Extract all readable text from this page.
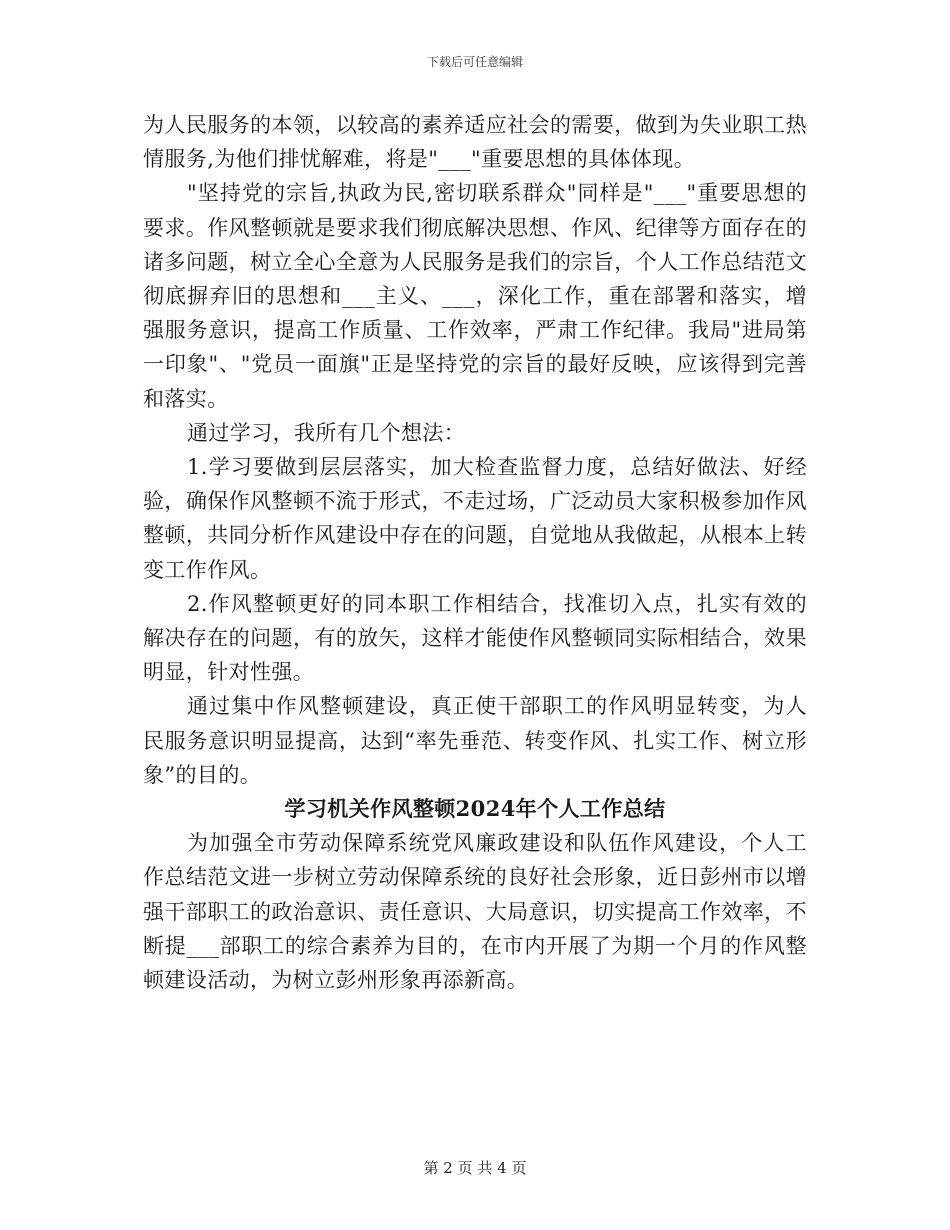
下载后可任意编辑

为人民服务的本领，以较高的素养适应社会的需要，做到为失业职工热情服务,为他们排忧解难，将是"___"重要思想的具体体现。

"坚持党的宗旨,执政为民,密切联系群众"同样是"___"重要思想的要求。作风整顿就是要求我们彻底解决思想、作风、纪律等方面存在的诸多问题，树立全心全意为人民服务是我们的宗旨，个人工作总结范文彻底摒弃旧的思想和___主义、___，深化工作，重在部署和落实，增强服务意识，提高工作质量、工作效率，严肃工作纪律。我局"进局第一印象"、"党员一面旗"正是坚持党的宗旨的最好反映，应该得到完善和落实。

通过学习，我所有几个想法：

1.学习要做到层层落实，加大检查监督力度，总结好做法、好经验，确保作风整顿不流于形式，不走过场，广泛动员大家积极参加作风整顿，共同分析作风建设中存在的问题，自觉地从我做起，从根本上转变工作作风。

2.作风整顿更好的同本职工作相结合，找准切入点，扎实有效的解决存在的问题，有的放矢，这样才能使作风整顿同实际相结合，效果明显，针对性强。

通过集中作风整顿建设，真正使干部职工的作风明显转变，为人民服务意识明显提高，达到“率先垂范、转变作风、扎实工作、树立形象”的目的。

学习机关作风整顿2024年个人工作总结

为加强全市劳动保障系统党风廉政建设和队伍作风建设，个人工作总结范文进一步树立劳动保障系统的良好社会形象，近日彭州市以增强干部职工的政治意识、责任意识、大局意识，切实提高工作效率，不断提___部职工的综合素养为目的，在市内开展了为期一个月的作风整顿建设活动，为树立彭州形象再添新高。

第 2 页 共 4 页
